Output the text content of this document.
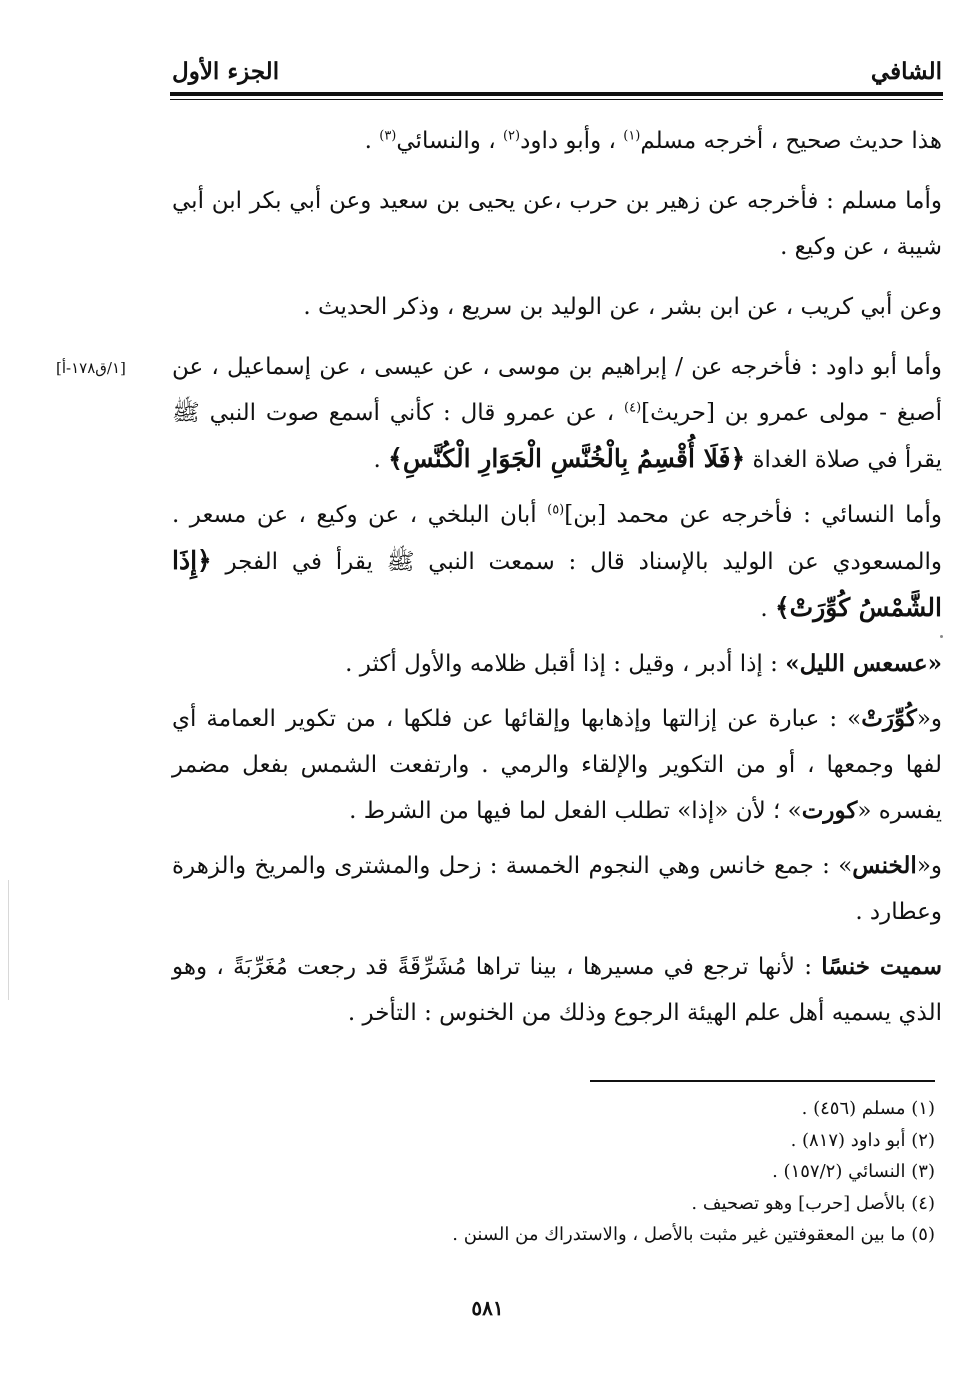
الشافي
الجزء الأول
[١/ق١٧٨-أ]

هذا حديث صحيح ، أخرجه مسلم$^{(١)}$ ، وأبو داود$^{(٢)}$ ، والنسائي$^{(٣)}$ .

وأما مسلم : فأخرجه عن زهير بن حرب ،عن يحيى بن سعيد وعن أبي بكر ابن أبي شيبة ، عن وكيع .

وعن أبي كريب ، عن ابن بشر ، عن الوليد بن سريع ، وذكر الحديث .

وأما أبو داود : فأخرجه عن / إبراهيم بن موسى ، عن عيسى ، عن إسماعيل ، عن أصبغ - مولى عمرو بن [حريث]$^{(٤)}$ ، عن عمرو قال : كأني أسمع صوت النبي ﷺ يقرأ في صلاة الغداة ﴿فَلَا أُقْسِمُ بِالْخُنَّسِ الْجَوَارِ الْكُنَّسِ﴾ .

وأما النسائي : فأخرجه عن محمد [بن]$^{(٥)}$ أبان البلخي ، عن وكيع ، عن مسعر . والمسعودي عن الوليد بالإسناد قال : سمعت النبي ﷺ يقرأ في الفجر ﴿إِذَا الشَّمْسُ كُوِّرَتْ﴾ .

«عسعس الليل» : إذا أدبر ، وقيل : إذا أقبل ظلامه والأول أكثر .

و«كُوِّرَتْ» : عبارة عن إزالتها وإذهابها وإلقائها عن فلكها ، من تكوير العمامة أي لفها وجمعها ، أو من التكوير والإلقاء والرمي . وارتفعت الشمس بفعل مضمر يفسره «كورت» ؛ لأن «إذا» تطلب الفعل لما فيها من الشرط .

و«الخنس» : جمع خانس وهي النجوم الخمسة : زحل والمشترى والمريخ والزهرة وعطارد .

سميت خنسًا : لأنها ترجع في مسيرها ، بينا تراها مُشَرِّقَةً قد رجعت مُغَرِّبَةً ، وهو الذي يسميه أهل علم الهيئة الرجوع وذلك من الخنوس : التأخر .

(١) مسلم (٤٥٦) .

(٢) أبو داود (٨١٧) .

(٣) النسائي (١٥٧/٢) .

(٤) بالأصل [حرب] وهو تصحيف .

(٥) ما بين المعقوفتين غير مثبت بالأصل ، والاستدراك من السنن .

٥٨١
